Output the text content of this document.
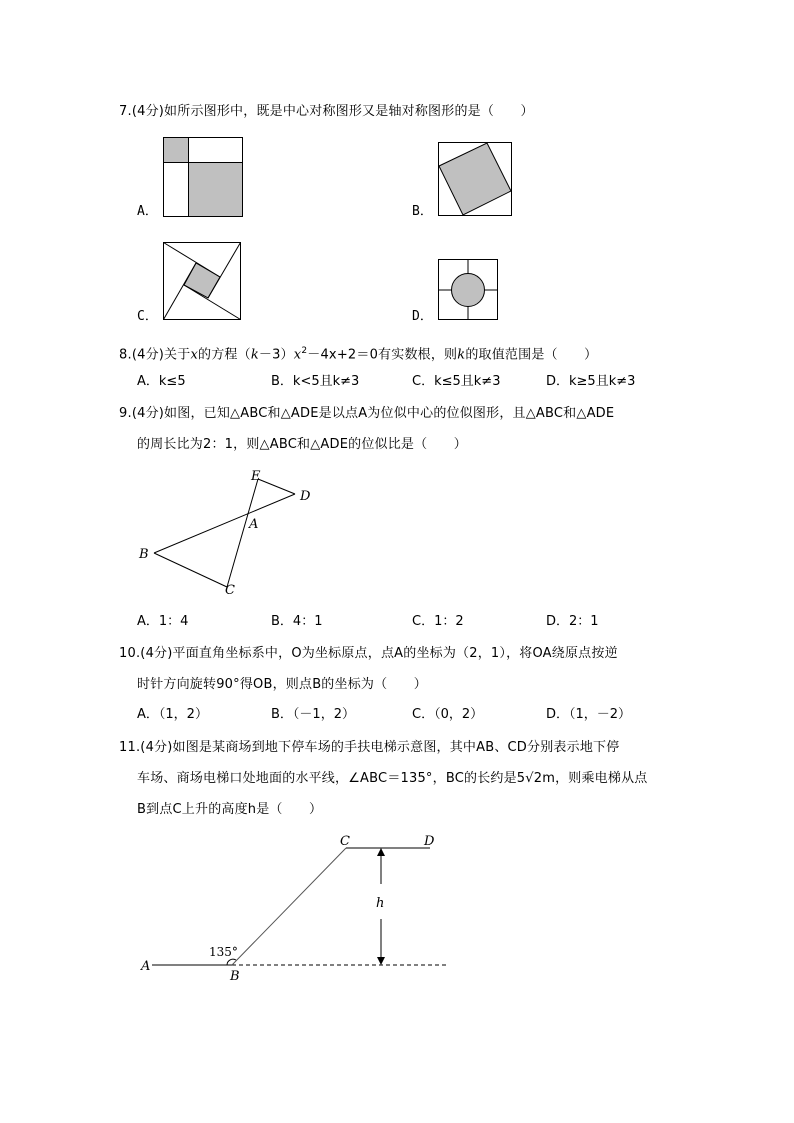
7.(4分)如所示图形中，既是中心对称图形又是轴对称图形的是（　　）
A．	B．
C．	D．
8.(4分)关于x的方程$(k-3)x^2-4x+2=0$有实数根，则k的取值范围是（　　）
A．k≤5	B．k<5且k≠3	C．k≤5且k≠3	D．k≥5且k≠3
9.(4分)如图，已知△ABC和△ADE是以点A为位似中心的位似图形，且△ABC和△ADE
的周长比为2：1，则△ABC和△ADE的位似比是（　　）
E
D
A
B
C
A．1：4	B．4：1	C．1：2	D．2：1
10.(4分)平面直角坐标系中，O为坐标原点，点A的坐标为（2，1），将OA绕原点按逆
时针方向旋转90°得OB，则点B的坐标为（　　）
A．（1，2）	B．（－1，2）	C．（0，2）	D．（1，－2）
11.(4分)如图是某商场到地下停车场的手扶电梯示意图，其中AB、CD分别表示地下停
车场、商场电梯口处地面的水平线，∠ABC＝135°，BC的长约是5√2m，则乘电梯从点
B到点C上升的高度h是（　　）
A
B
C	D
h
135°
